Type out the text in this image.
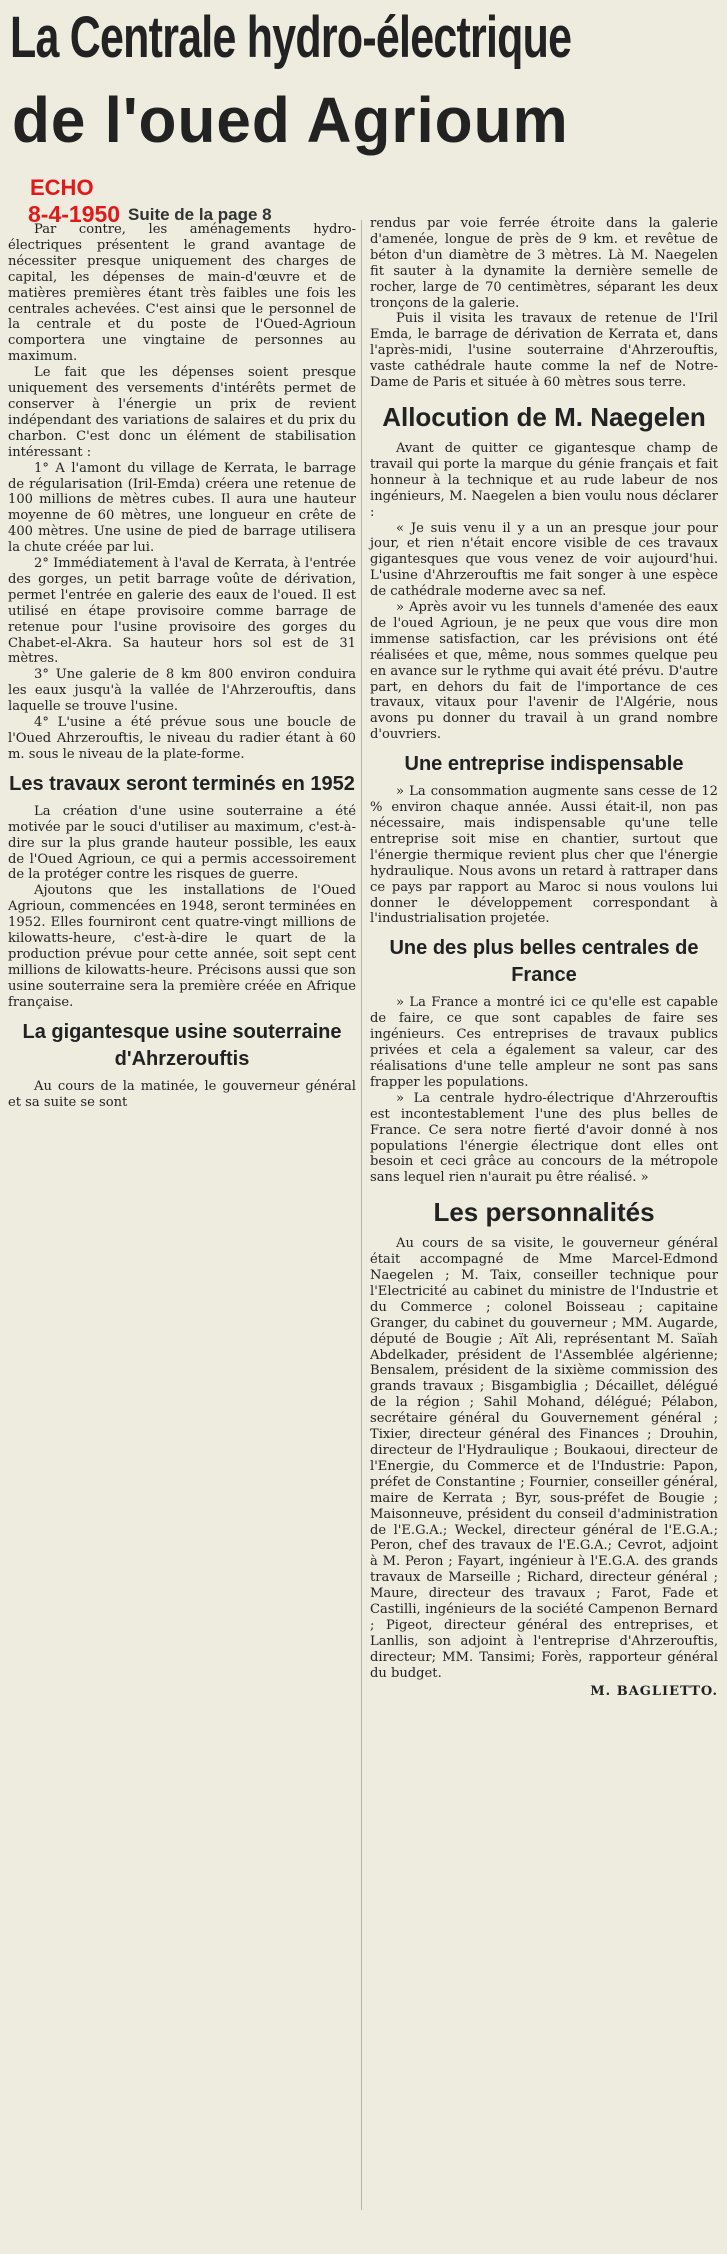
La Centrale hydro-électrique
de l'oued Agrioum
ECHO
8-4-1950 Suite de la page 8

Par contre, les aménagements hydro-électriques présentent le grand avantage de nécessiter presque uniquement des charges de capital, les dépenses de main-d'œuvre et de matières premières étant très faibles une fois les centrales achevées. C'est ainsi que le personnel de la centrale et du poste de l'Oued-Agrioun comportera une vingtaine de personnes au maximum.

Le fait que les dépenses soient presque uniquement des versements d'intérêts permet de conserver à l'énergie un prix de revient indépendant des variations de salaires et du prix du charbon. C'est donc un élément de stabilisation intéressant :

1° A l'amont du village de Kerrata, le barrage de régularisation (Iril-Emda) créera une retenue de 100 millions de mètres cubes. Il aura une hauteur moyenne de 60 mètres, une longueur en crête de 400 mètres. Une usine de pied de barrage utilisera la chute créée par lui.

2° Immédiatement à l'aval de Kerrata, à l'entrée des gorges, un petit barrage voûte de dérivation, permet l'entrée en galerie des eaux de l'oued. Il est utilisé en étape provisoire comme barrage de retenue pour l'usine provisoire des gorges du Chabet-el-Akra. Sa hauteur hors sol est de 31 mètres.

3° Une galerie de 8 km 800 environ conduira les eaux jusqu'à la vallée de l'Ahrzerouftis, dans laquelle se trouve l'usine.

4° L'usine a été prévue sous une boucle de l'Oued Ahrzerouftis, le niveau du radier étant à 60 m. sous le niveau de la plate-forme.

Les travaux seront terminés en 1952

La création d'une usine souterraine a été motivée par le souci d'utiliser au maximum, c'est-à-dire sur la plus grande hauteur possible, les eaux de l'Oued Agrioun, ce qui a permis accessoirement de la protéger contre les risques de guerre.

Ajoutons que les installations de l'Oued Agrioun, commencées en 1948, seront terminées en 1952. Elles fourniront cent quatre-vingt millions de kilowatts-heure, c'est-à-dire le quart de la production prévue pour cette année, soit sept cent millions de kilowatts-heure. Précisons aussi que son usine souterraine sera la première créée en Afrique française.

La gigantesque usine souterraine d'Ahrzerouftis

Au cours de la matinée, le gouverneur général et sa suite se sont

rendus par voie ferrée étroite dans la galerie d'amenée, longue de près de 9 km. et revêtue de béton d'un diamètre de 3 mètres. Là M. Naegelen fit sauter à la dynamite la dernière semelle de rocher, large de 70 centimètres, séparant les deux tronçons de la galerie.

Puis il visita les travaux de retenue de l'Iril Emda, le barrage de dérivation de Kerrata et, dans l'après-midi, l'usine souterraine d'Ahrzerouftis, vaste cathédrale haute comme la nef de Notre-Dame de Paris et située à 60 mètres sous terre.

Allocution de M. Naegelen

Avant de quitter ce gigantesque champ de travail qui porte la marque du génie français et fait honneur à la technique et au rude labeur de nos ingénieurs, M. Naegelen a bien voulu nous déclarer :

« Je suis venu il y a un an presque jour pour jour, et rien n'était encore visible de ces travaux gigantesques que vous venez de voir aujourd'hui. L'usine d'Ahrzerouftis me fait songer à une espèce de cathédrale moderne avec sa nef.

» Après avoir vu les tunnels d'amenée des eaux de l'oued Agrioun, je ne peux que vous dire mon immense satisfaction, car les prévisions ont été réalisées et que, même, nous sommes quelque peu en avance sur le rythme qui avait été prévu. D'autre part, en dehors du fait de l'importance de ces travaux, vitaux pour l'avenir de l'Algérie, nous avons pu donner du travail à un grand nombre d'ouvriers.

Une entreprise indispensable

» La consommation augmente sans cesse de 12 % environ chaque année. Aussi était-il, non pas nécessaire, mais indispensable qu'une telle entreprise soit mise en chantier, surtout que l'énergie thermique revient plus cher que l'énergie hydraulique. Nous avons un retard à rattraper dans ce pays par rapport au Maroc si nous voulons lui donner le développement correspondant à l'industrialisation projetée.

Une des plus belles centrales de France

» La France a montré ici ce qu'elle est capable de faire, ce que sont capables de faire ses ingénieurs. Ces entreprises de travaux publics privées et cela a également sa valeur, car des réalisations d'une telle ampleur ne sont pas sans frapper les populations.

» La centrale hydro-électrique d'Ahrzerouftis est incontestablement l'une des plus belles de France. Ce sera notre fierté d'avoir donné à nos populations l'énergie électrique dont elles ont besoin et ceci grâce au concours de la métropole sans lequel rien n'aurait pu être réalisé. »

Les personnalités

Au cours de sa visite, le gouverneur général était accompagné de Mme Marcel-Edmond Naegelen ; M. Taix, conseiller technique pour l'Electricité au cabinet du ministre de l'Industrie et du Commerce ; colonel Boisseau ; capitaine Granger, du cabinet du gouverneur ; MM. Augarde, député de Bougie ; Aït Ali, représentant M. Saïah Abdelkader, président de l'Assemblée algérienne; Bensalem, président de la sixième commission des grands travaux ; Bisgambiglia ; Décaillet, délégué de la région ; Sahil Mohand, délégué; Pélabon, secrétaire général du Gouvernement général ; Tixier, directeur général des Finances ; Drouhin, directeur de l'Hydraulique ; Boukaoui, directeur de l'Energie, du Commerce et de l'Industrie: Papon, préfet de Constantine ; Fournier, conseiller général, maire de Kerrata ; Byr, sous-préfet de Bougie ; Maisonneuve, président du conseil d'administration de l'E.G.A.; Weckel, directeur général de l'E.G.A.; Peron, chef des travaux de l'E.G.A.; Cevrot, adjoint à M. Peron ; Fayart, ingénieur à l'E.G.A. des grands travaux de Marseille ; Richard, directeur général ; Maure, directeur des travaux ; Farot, Fade et Castilli, ingénieurs de la société Campenon Bernard ; Pigeot, directeur général des entreprises, et Lanllis, son adjoint à l'entreprise d'Ahrzerouftis, directeur; MM. Tansimi; Forès, rapporteur général du budget.

M. BAGLIETTO.
